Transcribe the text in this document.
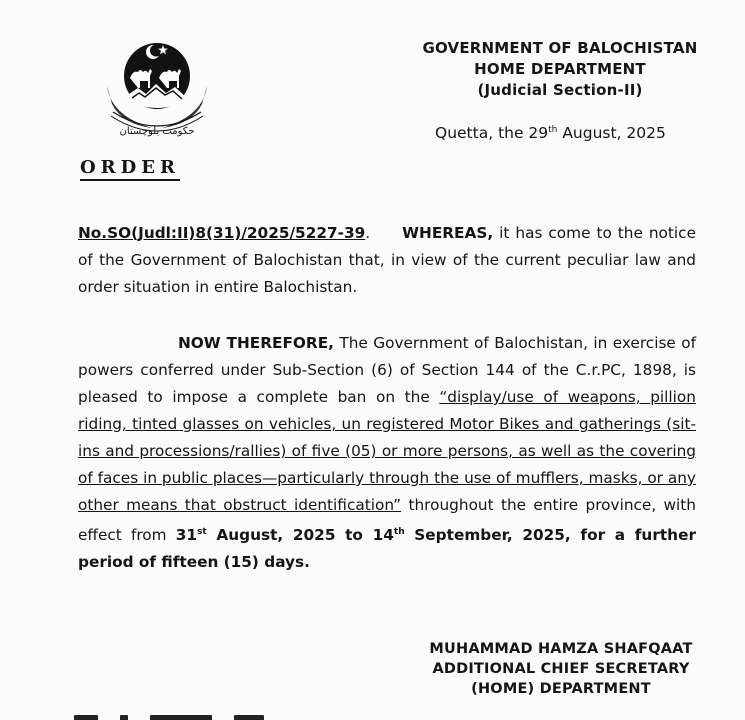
حکومت بلوچستان
GOVERNMENT OF BALOCHISTAN
HOME DEPARTMENT
(Judicial Section-II)
Quetta, the 29th August, 2025
ORDER
No.SO(Judl:II)8(31)/2025/5227-39. WHEREAS, it has come to the notice of the Government of Balochistan that, in view of the current peculiar law and order situation in entire Balochistan.
NOW THEREFORE, The Government of Balochistan, in exercise of powers conferred under Sub-Section (6) of Section 144 of the C.r.PC, 1898, is pleased to impose a complete ban on the “display/use of weapons, pillion riding, tinted glasses on vehicles, un registered Motor Bikes and gatherings (sit-ins and processions/rallies) of five (05) or more persons, as well as the covering of faces in public places—particularly through the use of mufflers, masks, or any other means that obstruct identification” throughout the entire province, with effect from 31st August, 2025 to 14th September, 2025, for a further period of fifteen (15) days.
MUHAMMAD HAMZA SHAFQAAT
ADDITIONAL CHIEF SECRETARY
(HOME) DEPARTMENT
